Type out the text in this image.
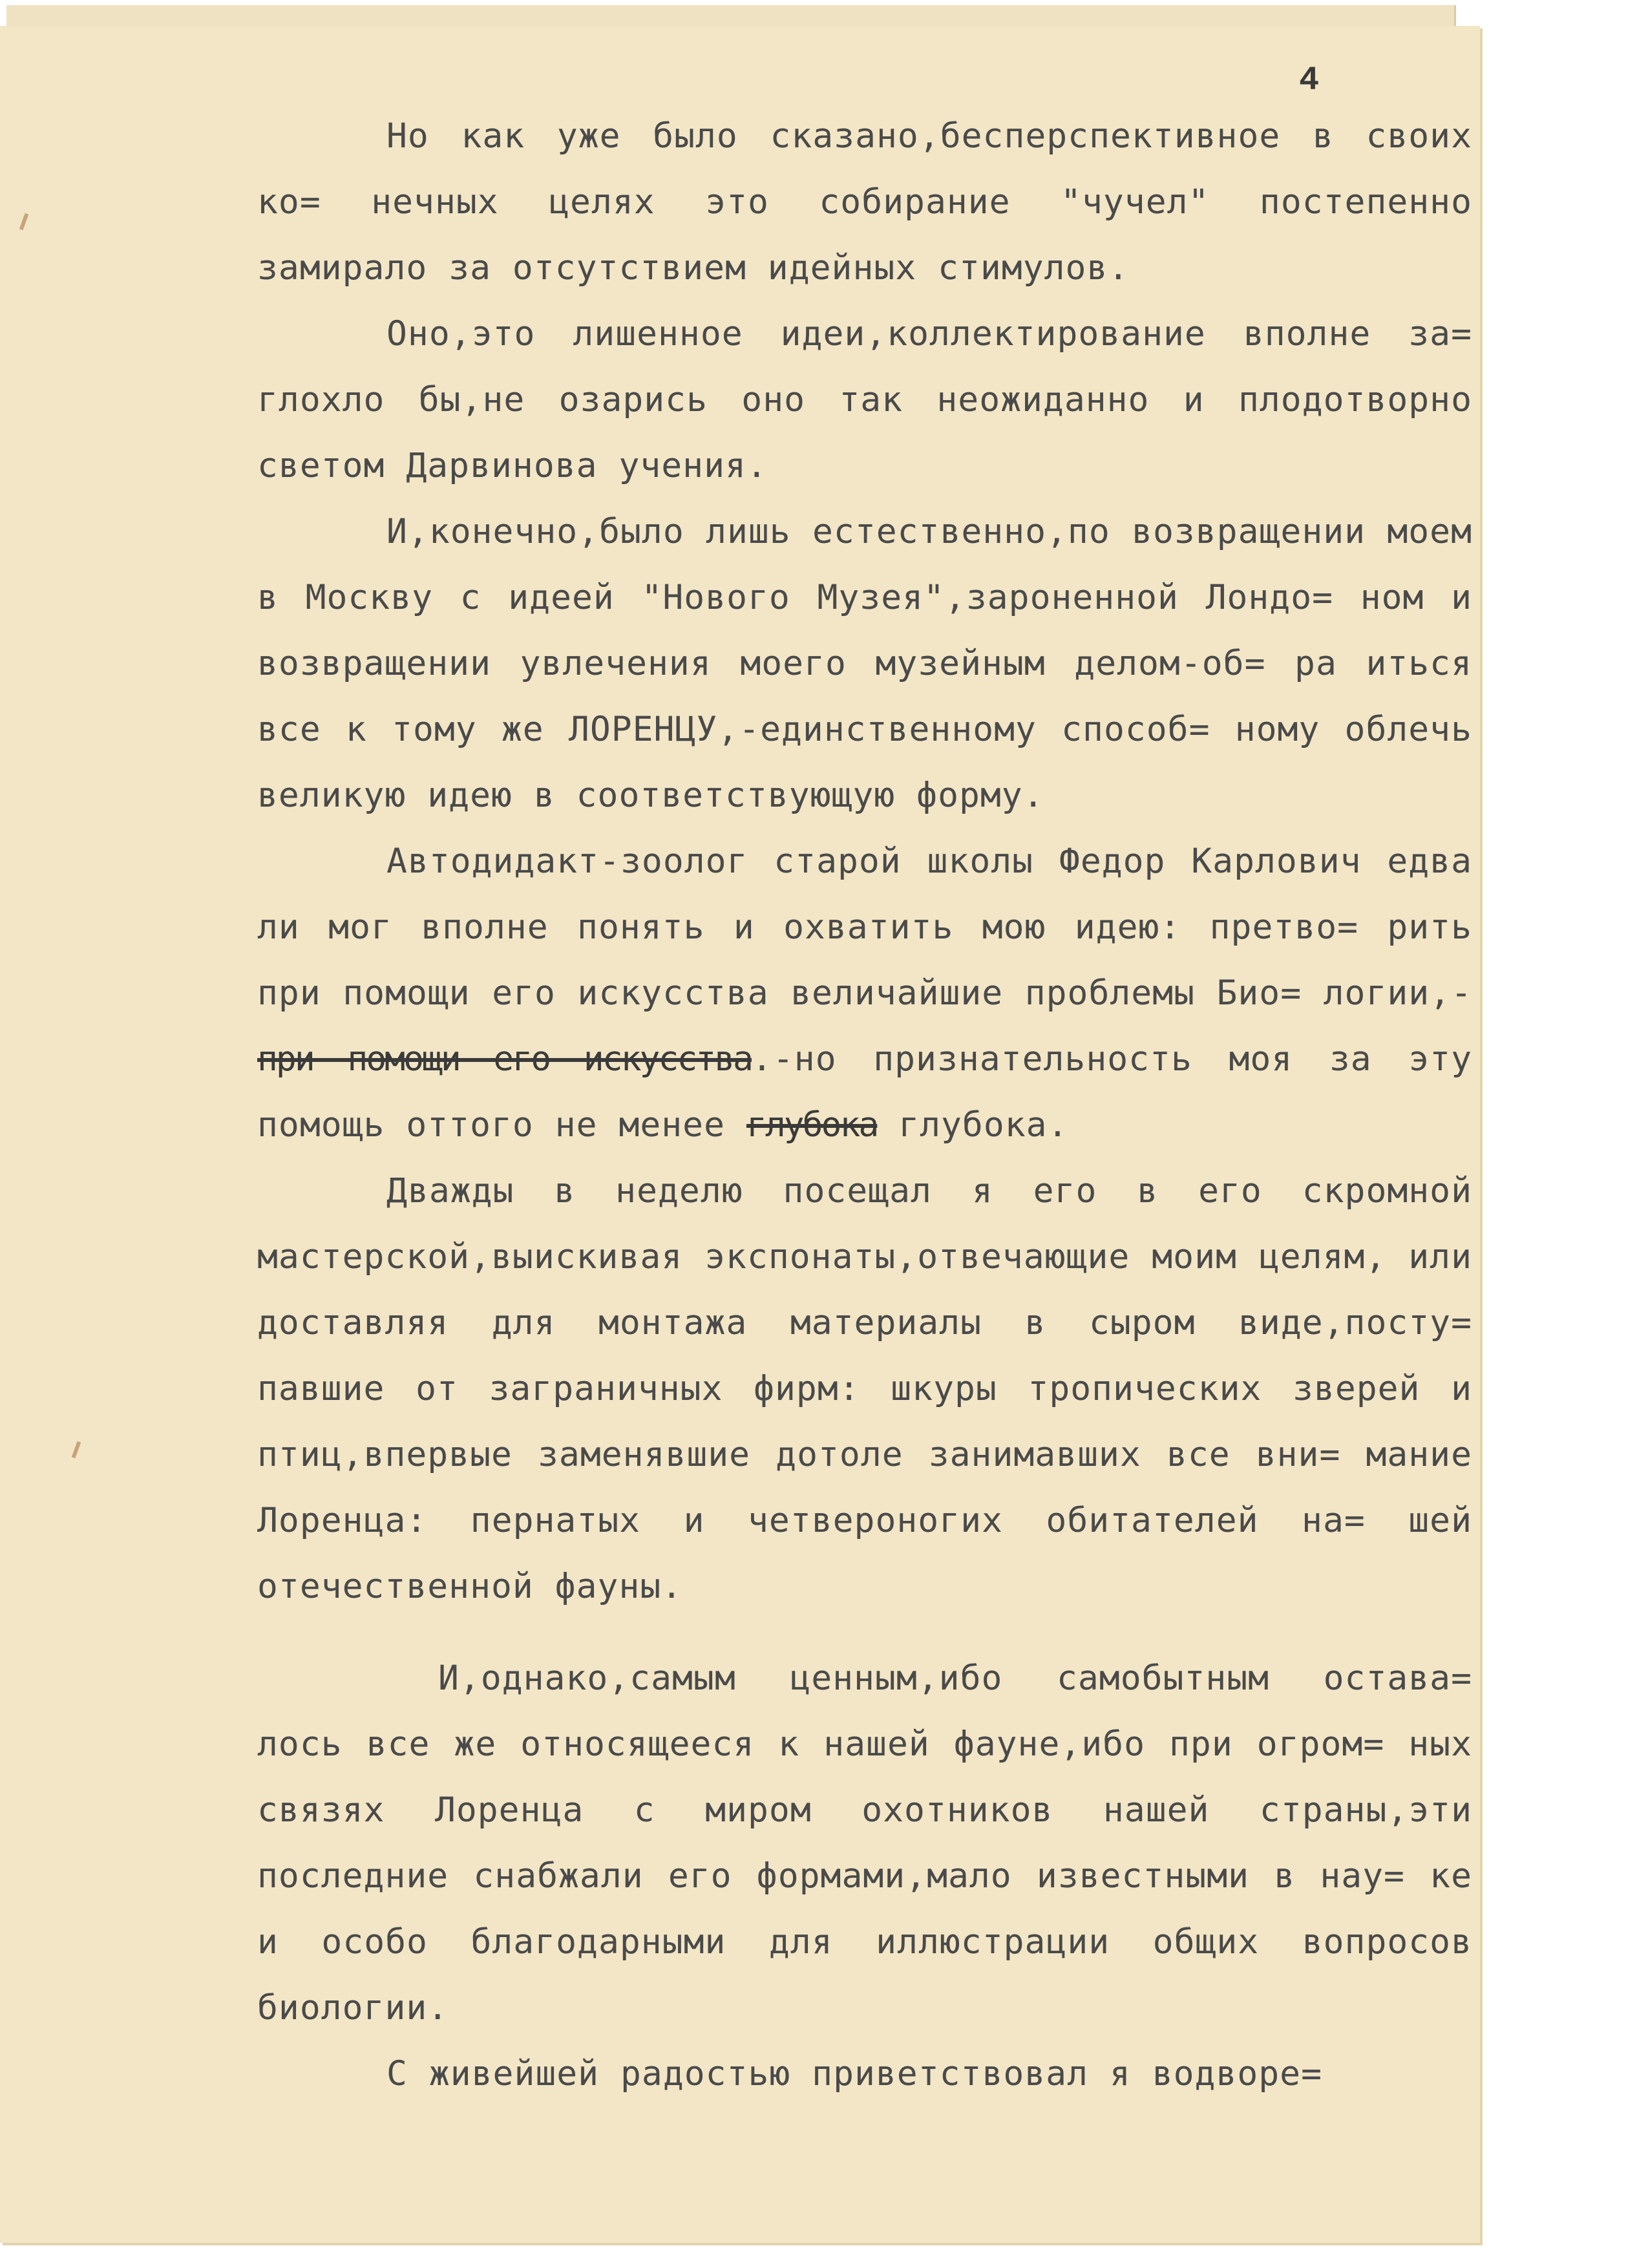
4

Но как уже было сказано,бесперспективное в своих ко= нечных целях это собирание "чучел" постепенно замирало за отсутствием идейных стимулов.

Оно,это лишенное идеи,коллектирование вполне за= глохло бы,не озарись оно так неожиданно и плодотворно светом Дарвинова учения.

И,конечно,было лишь естественно,по возвращении моем в Москву с идеей "Нового Музея",зароненной Лондо= ном и возвращении увлечения моего музейным делом-об= ра иться все к тому же ЛОРЕНЦУ,-единственному способ= ному облечь великую идею в соответствующую форму.

Автодидакт-зоолог старой школы Федор Карлович едва ли мог вполне понять и охватить мою идею: претво= рить при помощи его искусства величайшие проблемы Био= логии,-при помощи его искусства.-но признательность моя за эту помощь оттого не менее глубока глубока.

Дважды в неделю посещал я его в его скромной мастерской,выискивая экспонаты,отвечающие моим целям, или доставляя для монтажа материалы в сыром виде,посту= павшие от заграничных фирм: шкуры тропических зверей и птиц,впервые заменявшие дотоле занимавших все вни= мание Лоренца: пернатых и четвероногих обитателей на= шей отечественной фауны.

И,однако,самым ценным,ибо самобытным остава= лось все же относящееся к нашей фауне,ибо при огром= ных связях Лоренца с миром охотников нашей страны,эти последние снабжали его формами,мало известными в нау= ке и особо благодарными для иллюстрации общих вопросов биологии.

С живейшей радостью приветствовал я водворе=
